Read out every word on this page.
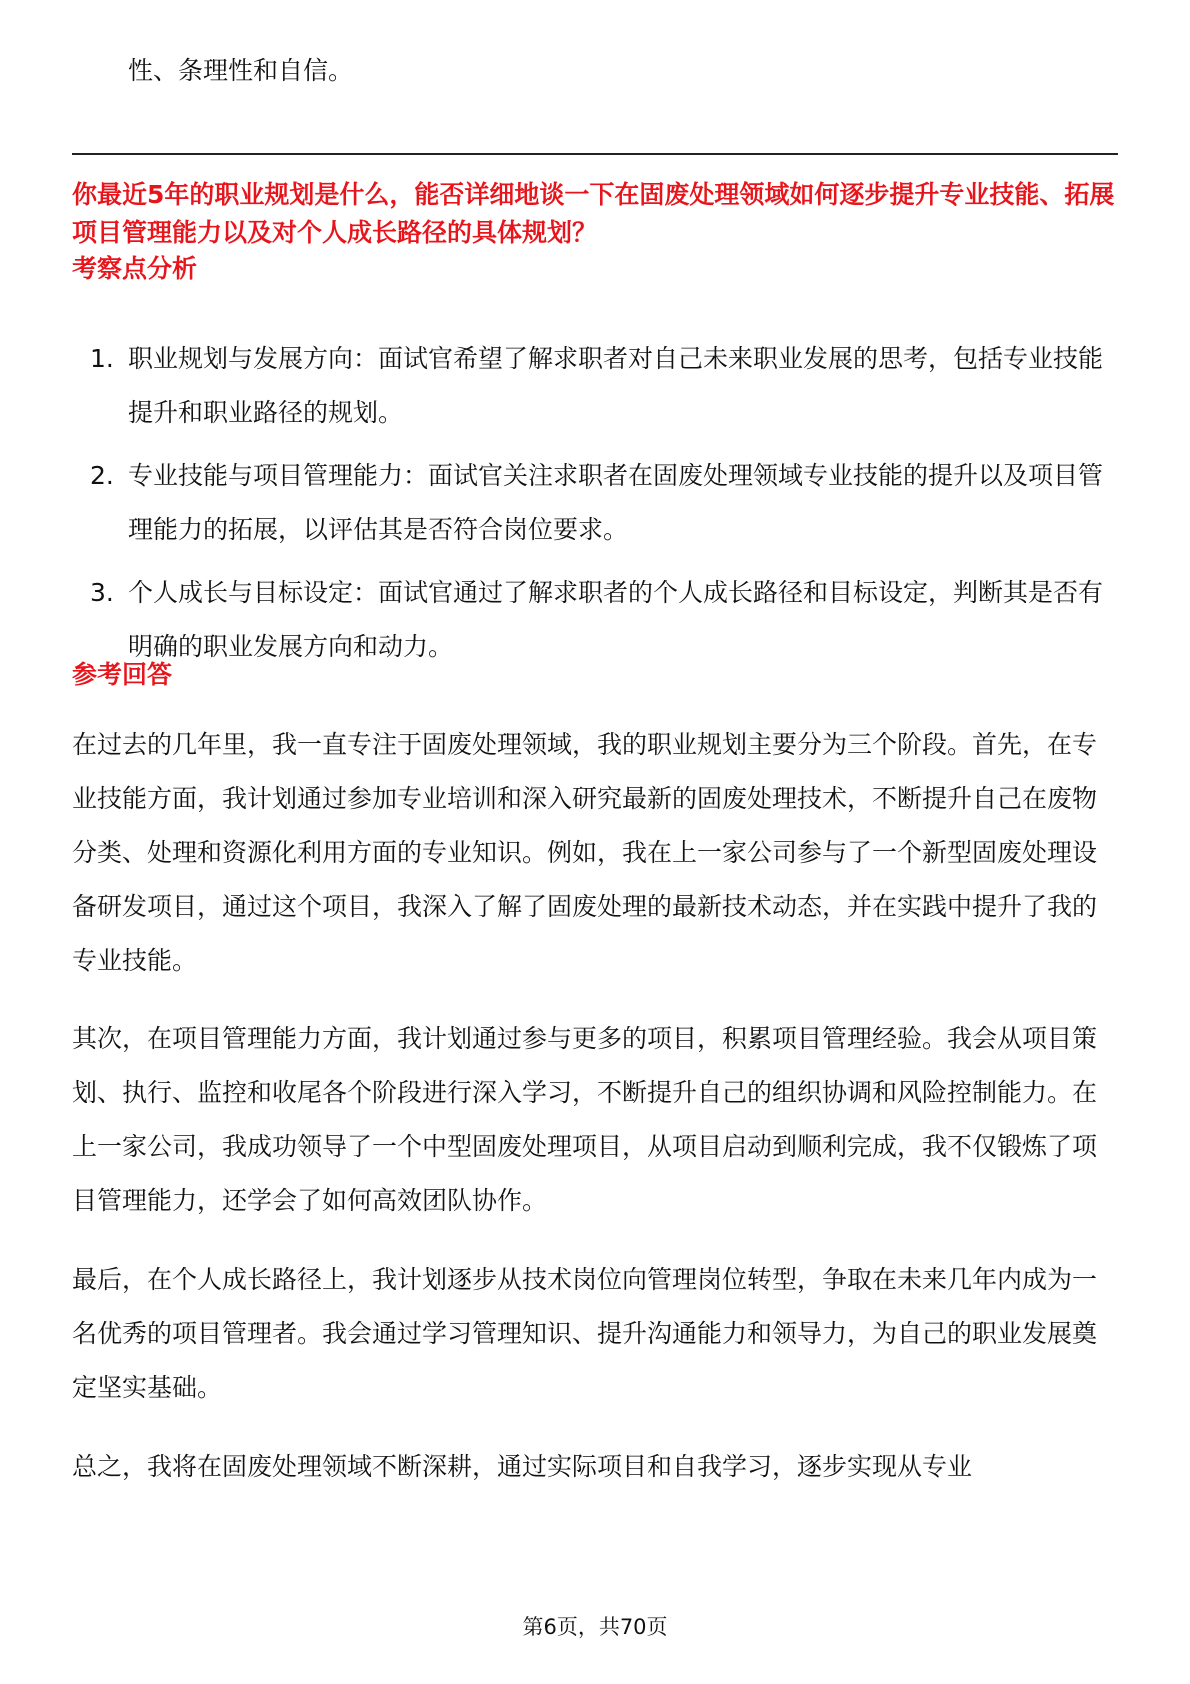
性、条理性和自信。

你最近5年的职业规划是什么，能否详细地谈一下在固废处理领域如何逐步提升专业技能、拓展项目管理能力以及对个人成长路径的具体规划？

考察点分析
1. 职业规划与发展方向：面试官希望了解求职者对自己未来职业发展的思考，包括专业技能提升和职业路径的规划。
2. 专业技能与项目管理能力：面试官关注求职者在固废处理领域专业技能的提升以及项目管理能力的拓展，以评估其是否符合岗位要求。
3. 个人成长与目标设定：面试官通过了解求职者的个人成长路径和目标设定，判断其是否有明确的职业发展方向和动力。
参考回答

在过去的几年里，我一直专注于固废处理领域，我的职业规划主要分为三个阶段。首先，在专业技能方面，我计划通过参加专业培训和深入研究最新的固废处理技术，不断提升自己在废物分类、处理和资源化利用方面的专业知识。例如，我在上一家公司参与了一个新型固废处理设备研发项目，通过这个项目，我深入了解了固废处理的最新技术动态，并在实践中提升了我的专业技能。

其次，在项目管理能力方面，我计划通过参与更多的项目，积累项目管理经验。我会从项目策划、执行、监控和收尾各个阶段进行深入学习，不断提升自己的组织协调和风险控制能力。在上一家公司，我成功领导了一个中型固废处理项目，从项目启动到顺利完成，我不仅锻炼了项目管理能力，还学会了如何高效团队协作。

最后，在个人成长路径上，我计划逐步从技术岗位向管理岗位转型，争取在未来几年内成为一名优秀的项目管理者。我会通过学习管理知识、提升沟通能力和领导力，为自己的职业发展奠定坚实基础。

总之，我将在固废处理领域不断深耕，通过实际项目和自我学习，逐步实现从专业

第6页，共70页
